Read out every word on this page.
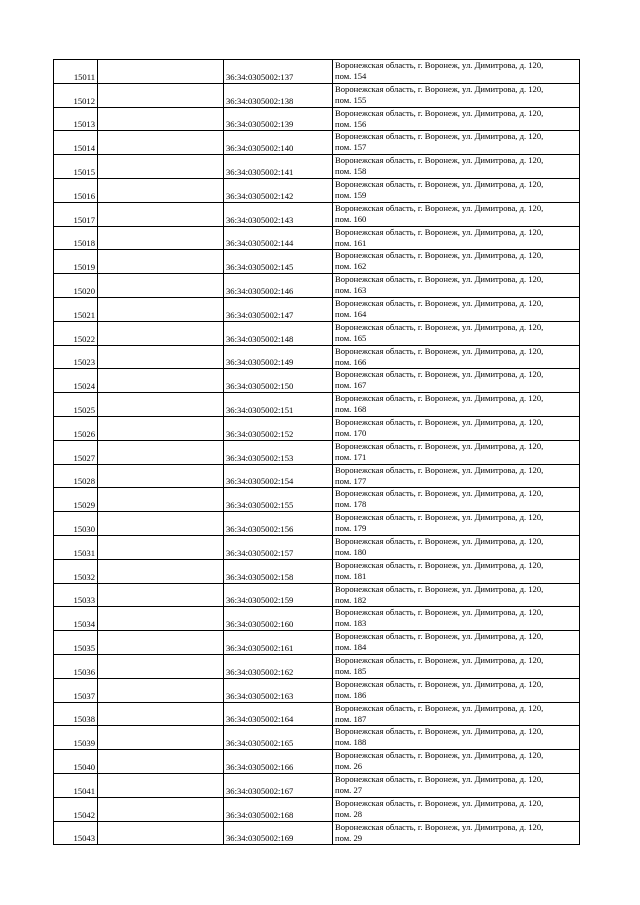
15011		36:34:0305002:137	Воронежская область, г. Воронеж, ул. Димитрова, д. 120,
пом. 154

15012		36:34:0305002:138	Воронежская область, г. Воронеж, ул. Димитрова, д. 120,
пом. 155

15013		36:34:0305002:139	Воронежская область, г. Воронеж, ул. Димитрова, д. 120,
пом. 156

15014		36:34:0305002:140	Воронежская область, г. Воронеж, ул. Димитрова, д. 120,
пом. 157

15015		36:34:0305002:141	Воронежская область, г. Воронеж, ул. Димитрова, д. 120,
пом. 158

15016		36:34:0305002:142	Воронежская область, г. Воронеж, ул. Димитрова, д. 120,
пом. 159

15017		36:34:0305002:143	Воронежская область, г. Воронеж, ул. Димитрова, д. 120,
пом. 160

15018		36:34:0305002:144	Воронежская область, г. Воронеж, ул. Димитрова, д. 120,
пом. 161

15019		36:34:0305002:145	Воронежская область, г. Воронеж, ул. Димитрова, д. 120,
пом. 162

15020		36:34:0305002:146	Воронежская область, г. Воронеж, ул. Димитрова, д. 120,
пом. 163

15021		36:34:0305002:147	Воронежская область, г. Воронеж, ул. Димитрова, д. 120,
пом. 164

15022		36:34:0305002:148	Воронежская область, г. Воронеж, ул. Димитрова, д. 120,
пом. 165

15023		36:34:0305002:149	Воронежская область, г. Воронеж, ул. Димитрова, д. 120,
пом. 166

15024		36:34:0305002:150	Воронежская область, г. Воронеж, ул. Димитрова, д. 120,
пом. 167

15025		36:34:0305002:151	Воронежская область, г. Воронеж, ул. Димитрова, д. 120,
пом. 168

15026		36:34:0305002:152	Воронежская область, г. Воронеж, ул. Димитрова, д. 120,
пом. 170

15027		36:34:0305002:153	Воронежская область, г. Воронеж, ул. Димитрова, д. 120,
пом. 171

15028		36:34:0305002:154	Воронежская область, г. Воронеж, ул. Димитрова, д. 120,
пом. 177

15029		36:34:0305002:155	Воронежская область, г. Воронеж, ул. Димитрова, д. 120,
пом. 178

15030		36:34:0305002:156	Воронежская область, г. Воронеж, ул. Димитрова, д. 120,
пом. 179

15031		36:34:0305002:157	Воронежская область, г. Воронеж, ул. Димитрова, д. 120,
пом. 180

15032		36:34:0305002:158	Воронежская область, г. Воронеж, ул. Димитрова, д. 120,
пом. 181

15033		36:34:0305002:159	Воронежская область, г. Воронеж, ул. Димитрова, д. 120,
пом. 182

15034		36:34:0305002:160	Воронежская область, г. Воронеж, ул. Димитрова, д. 120,
пом. 183

15035		36:34:0305002:161	Воронежская область, г. Воронеж, ул. Димитрова, д. 120,
пом. 184

15036		36:34:0305002:162	Воронежская область, г. Воронеж, ул. Димитрова, д. 120,
пом. 185

15037		36:34:0305002:163	Воронежская область, г. Воронеж, ул. Димитрова, д. 120,
пом. 186

15038		36:34:0305002:164	Воронежская область, г. Воронеж, ул. Димитрова, д. 120,
пом. 187

15039		36:34:0305002:165	Воронежская область, г. Воронеж, ул. Димитрова, д. 120,
пом. 188

15040		36:34:0305002:166	Воронежская область, г. Воронеж, ул. Димитрова, д. 120,
пом. 26

15041		36:34:0305002:167	Воронежская область, г. Воронеж, ул. Димитрова, д. 120,
пом. 27

15042		36:34:0305002:168	Воронежская область, г. Воронеж, ул. Димитрова, д. 120,
пом. 28

15043		36:34:0305002:169	Воронежская область, г. Воронеж, ул. Димитрова, д. 120,
пом. 29
